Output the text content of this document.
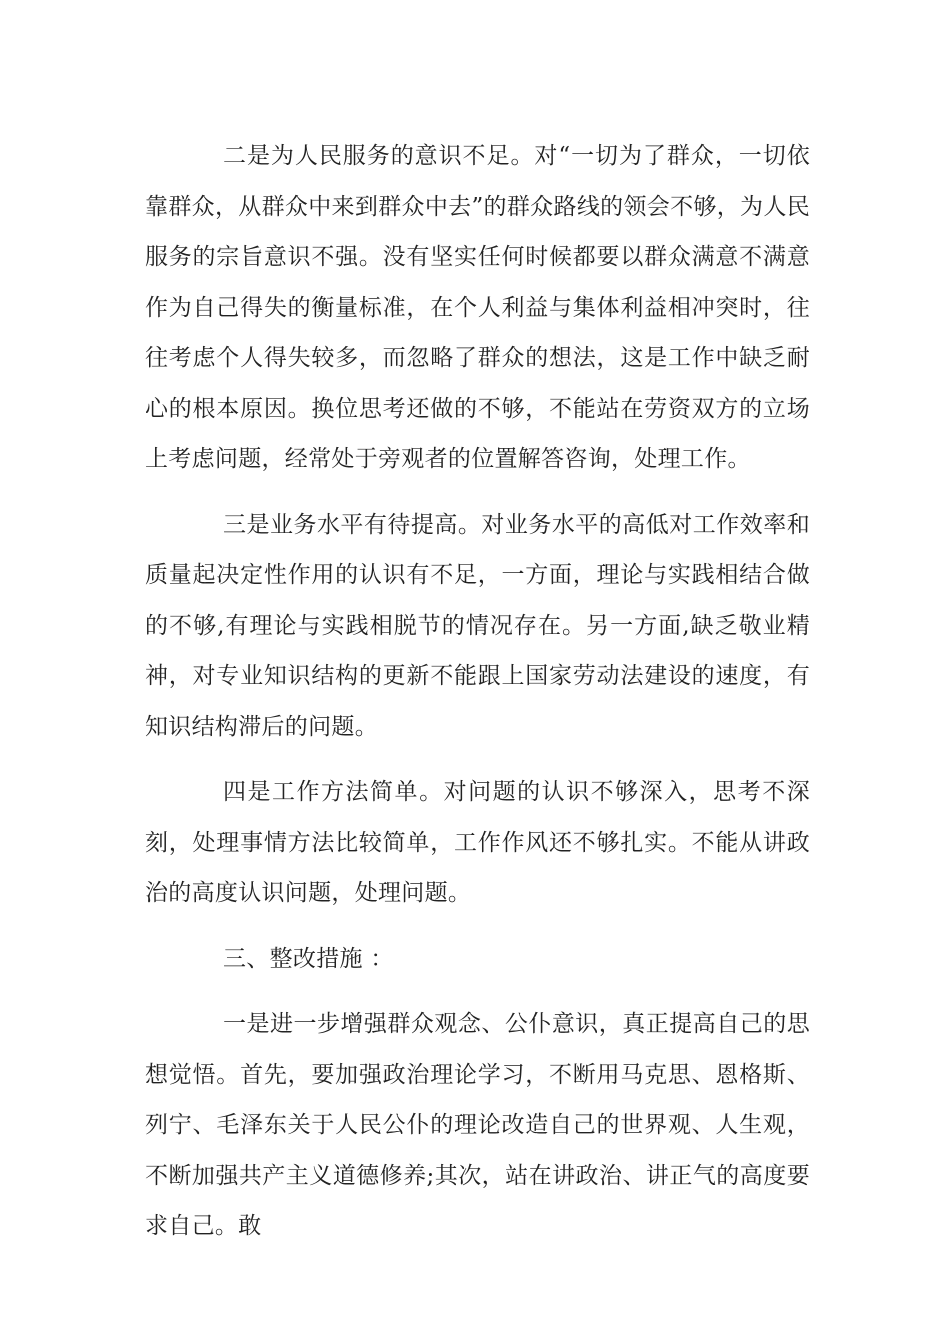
二是为人民服务的意识不足。对“一切为了群众，一切依靠群众，从群众中来到群众中去”的群众路线的领会不够，为人民服务的宗旨意识不强。没有坚实任何时候都要以群众满意不满意作为自己得失的衡量标准，在个人利益与集体利益相冲突时，往往考虑个人得失较多，而忽略了群众的想法，这是工作中缺乏耐心的根本原因。换位思考还做的不够，不能站在劳资双方的立场上考虑问题，经常处于旁观者的位置解答咨询，处理工作。

三是业务水平有待提高。对业务水平的高低对工作效率和质量起决定性作用的认识有不足，一方面，理论与实践相结合做的不够,有理论与实践相脱节的情况存在。另一方面,缺乏敬业精神，对专业知识结构的更新不能跟上国家劳动法建设的速度，有知识结构滞后的问题。

四是工作方法简单。对问题的认识不够深入，思考不深刻，处理事情方法比较简单，工作作风还不够扎实。不能从讲政治的高度认识问题，处理问题。

三、整改措施 ：

一是进一步增强群众观念、公仆意识，真正提高自己的思想觉悟。首先，要加强政治理论学习，不断用马克思、恩格斯、列宁、毛泽东关于人民公仆的理论改造自己的世界观、人生观，不断加强共产主义道德修养;其次，站在讲政治、讲正气的高度要求自己。敢
